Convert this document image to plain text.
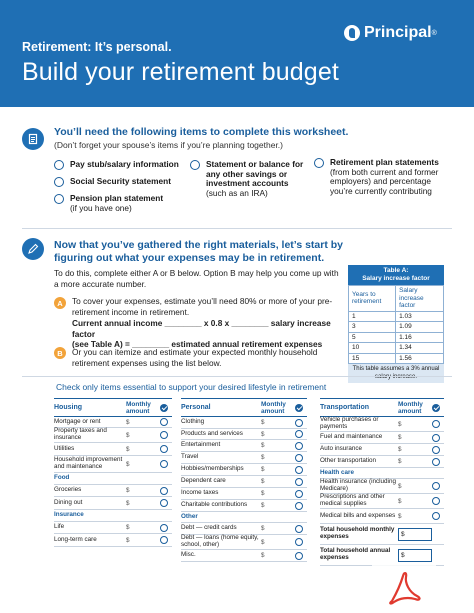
Retirement: It’s personal.
Build your retirement budget
Principal ®
You’ll need the following items to complete this worksheet.
(Don’t forget your spouse’s items if you’re planning together.)
Pay stub/salary information
Social Security statement
Pension plan statement
(if you have one)
Statement or balance for any other savings or investment accounts
(such as an IRA)
Retirement plan statements
(from both current and former employers) and percentage you’re currently contributing
Now that you’ve gathered the right materials, let’s start by figuring out what your expenses may be in retirement.
To do this, complete either A or B below. Option B may help you come up with a more accurate number.
A	To cover your expenses, estimate you’ll need 80% or more of your pre-retirement income in retirement.
Current annual income ________ x 0.8 x ________ salary increase factor
(see Table A) = ________ estimated annual retirement expenses
B	Or you can itemize and estimate your expected monthly household retirement expenses using the list below.
Table A:
Salary increase factor
Years to retirement	Salary increase factor
1	1.03
3	1.09
5	1.16
10	1.34
15	1.56
This table assumes a 3% annual
Check only items essential to support your desired lifestyle in retirement
Housing	Monthly amount
Mortgage or rent	$
Property taxes and insurance	$
Utilities	$
Household improvement and maintenance	$
Food
Groceries	$
Dining out	$
Insurance
Life	$
Long-term care	$
Personal	Monthly amount
Clothing	$
Products and services	$
Entertainment	$
Travel	$
Hobbies/memberships	$
Dependent care	$
Income taxes	$
Charitable contributions	$
Other
Debt — credit cards	$
Debt — loans (home equity, school, other)	$
Misc.	$
Transportation	Monthly amount
Vehicle purchases or payments	$
Fuel and maintenance	$
Auto insurance	$
Other transportation	$
Health care
Health insurance (including Medicare)	$
Prescriptions and other medical supplies	$
Medical bills and expenses $
Total household monthly expenses	$
Total household annual expenses	$
